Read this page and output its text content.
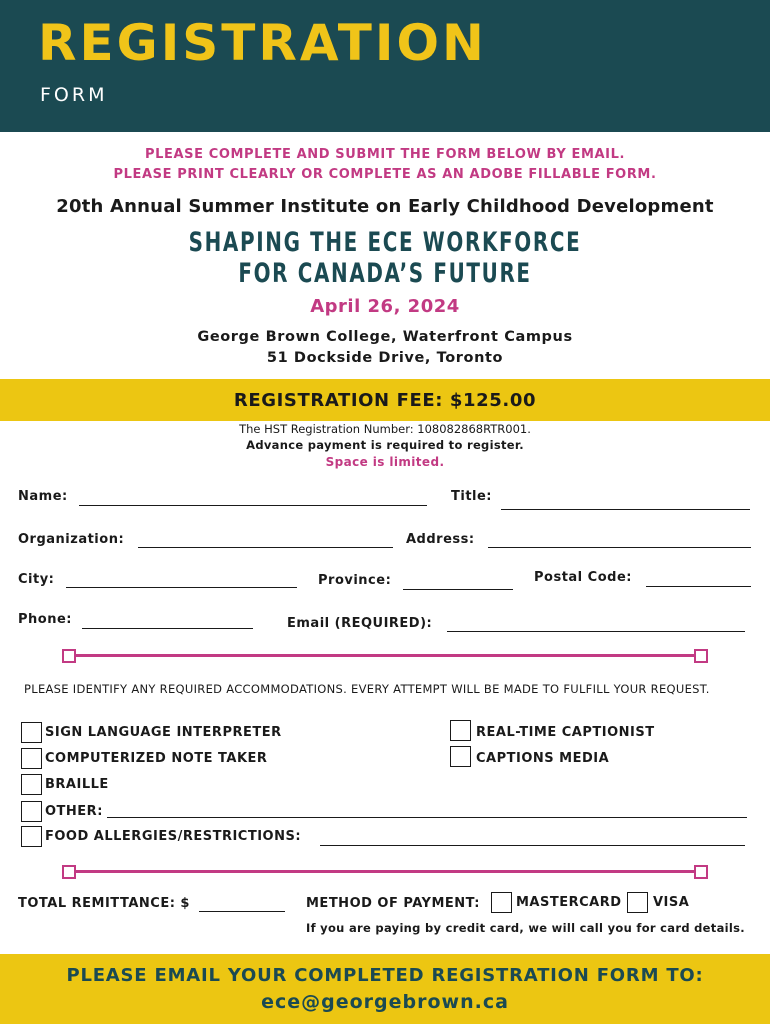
REGISTRATION
FORM
PLEASE COMPLETE AND SUBMIT THE FORM BELOW BY EMAIL.
PLEASE PRINT CLEARLY OR COMPLETE AS AN ADOBE FILLABLE FORM.
20th Annual Summer Institute on Early Childhood Development
SHAPING THE ECE WORKFORCE
FOR CANADA’S FUTURE
April 26, 2024
George Brown College, Waterfront Campus
51 Dockside Drive, Toronto
REGISTRATION FEE: $125.00
The HST Registration Number: 108082868RTR001.
Advance payment is required to register.
Space is limited.
Name:	Title:
Organization:	Address:
City:	Province:	Postal Code:
Phone:	Email (REQUIRED):
PLEASE IDENTIFY ANY REQUIRED ACCOMMODATIONS. EVERY ATTEMPT WILL BE MADE TO FULFILL YOUR REQUEST.
SIGN LANGUAGE INTERPRETER
COMPUTERIZED NOTE TAKER
BRAILLE
OTHER:
FOOD ALLERGIES/RESTRICTIONS:
REAL-TIME CAPTIONIST
CAPTIONS MEDIA
TOTAL REMITTANCE: $	METHOD OF PAYMENT:	MASTERCARD VISA
If you are paying by credit card, we will call you for card details.
PLEASE EMAIL YOUR COMPLETED REGISTRATION FORM TO:
ece@georgebrown.ca
